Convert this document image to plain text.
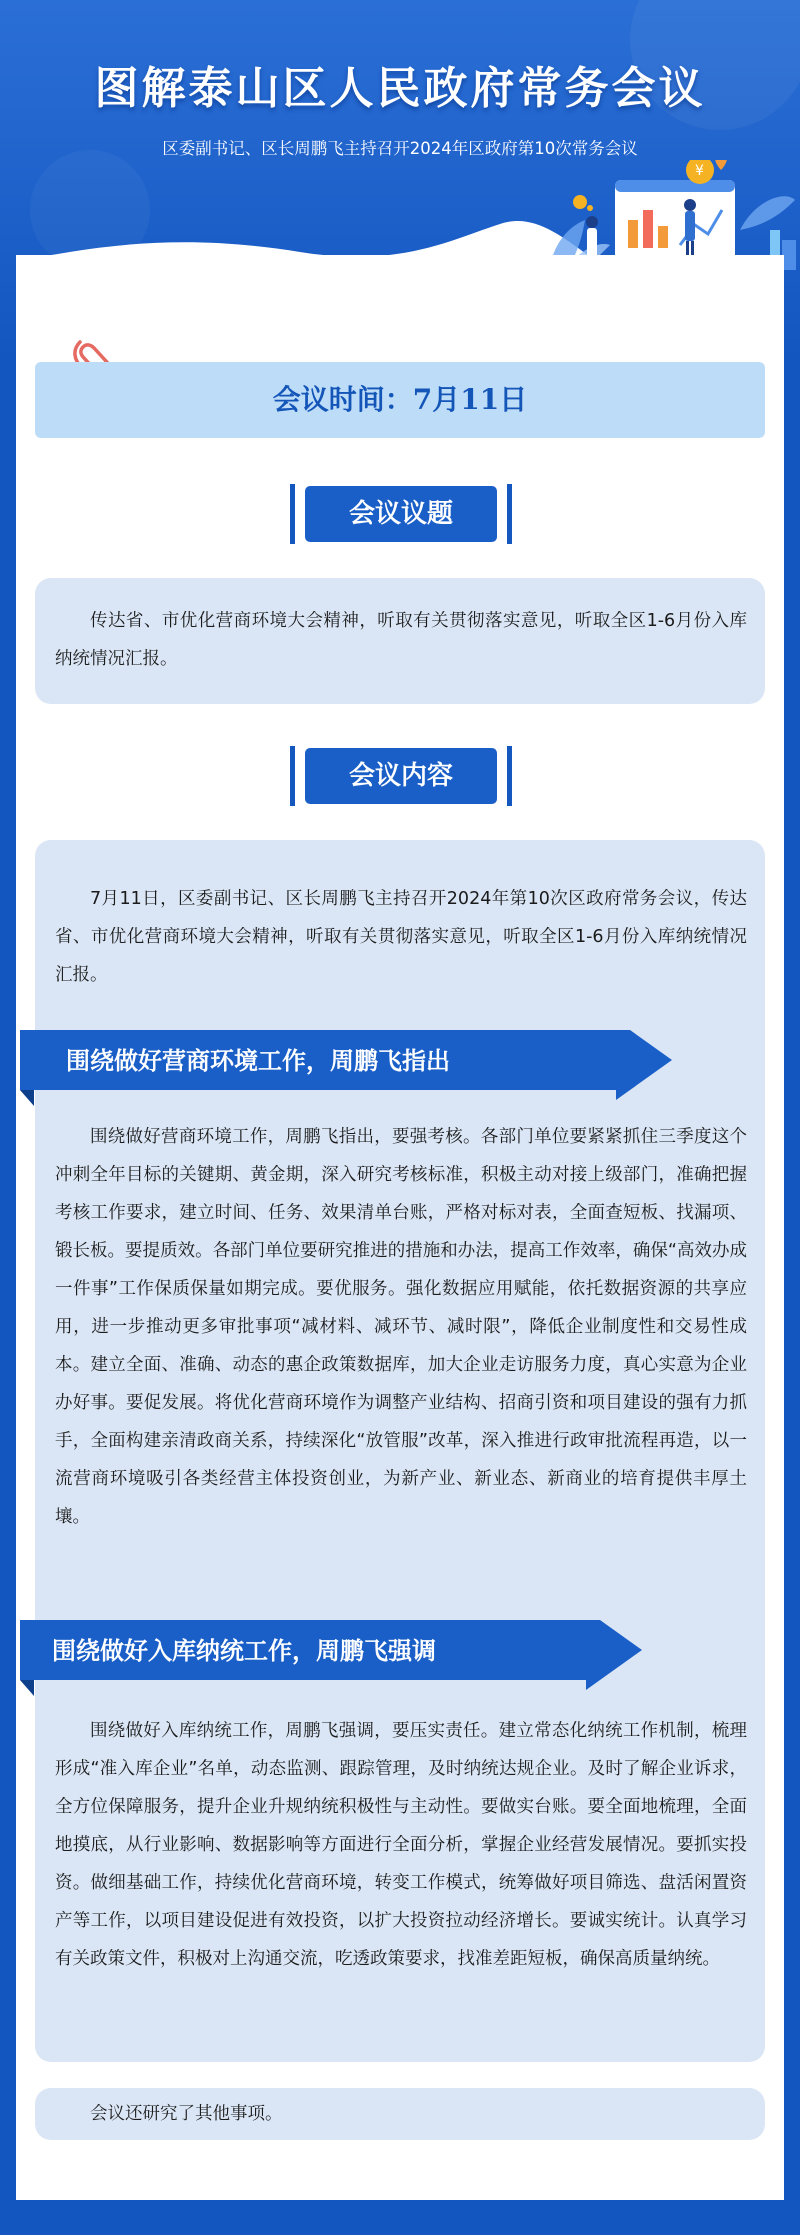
图解泰山区人民政府常务会议

区委副书记、区长周鹏飞主持召开2024年区政府第10次常务会议

¥
会议时间：7月11日
会议议题

传达省、市优化营商环境大会精神，听取有关贯彻落实意见，听取全区1-6月份入库纳统情况汇报。

会议内容

7月11日，区委副书记、区长周鹏飞主持召开2024年第10次区政府常务会议，传达省、市优化营商环境大会精神，听取有关贯彻落实意见，听取全区1-6月份入库纳统情况汇报。

围绕做好营商环境工作，周鹏飞指出

围绕做好营商环境工作，周鹏飞指出，要强考核。各部门单位要紧紧抓住三季度这个冲刺全年目标的关键期、黄金期，深入研究考核标准，积极主动对接上级部门，准确把握考核工作要求，建立时间、任务、效果清单台账，严格对标对表，全面查短板、找漏项、锻长板。要提质效。各部门单位要研究推进的措施和办法，提高工作效率，确保“高效办成一件事”工作保质保量如期完成。要优服务。强化数据应用赋能，依托数据资源的共享应用，进一步推动更多审批事项“减材料、减环节、减时限”，降低企业制度性和交易性成本。建立全面、准确、动态的惠企政策数据库，加大企业走访服务力度，真心实意为企业办好事。要促发展。将优化营商环境作为调整产业结构、招商引资和项目建设的强有力抓手，全面构建亲清政商关系，持续深化“放管服”改革，深入推进行政审批流程再造，以一流营商环境吸引各类经营主体投资创业，为新产业、新业态、新商业的培育提供丰厚土壤。

围绕做好入库纳统工作，周鹏飞强调

围绕做好入库纳统工作，周鹏飞强调，要压实责任。建立常态化纳统工作机制，梳理形成“准入库企业”名单，动态监测、跟踪管理，及时纳统达规企业。及时了解企业诉求，全方位保障服务，提升企业升规纳统积极性与主动性。要做实台账。要全面地梳理，全面地摸底，从行业影响、数据影响等方面进行全面分析，掌握企业经营发展情况。要抓实投资。做细基础工作，持续优化营商环境，转变工作模式，统筹做好项目筛选、盘活闲置资产等工作，以项目建设促进有效投资，以扩大投资拉动经济增长。要诚实统计。认真学习有关政策文件，积极对上沟通交流，吃透政策要求，找准差距短板，确保高质量纳统。

会议还研究了其他事项。
